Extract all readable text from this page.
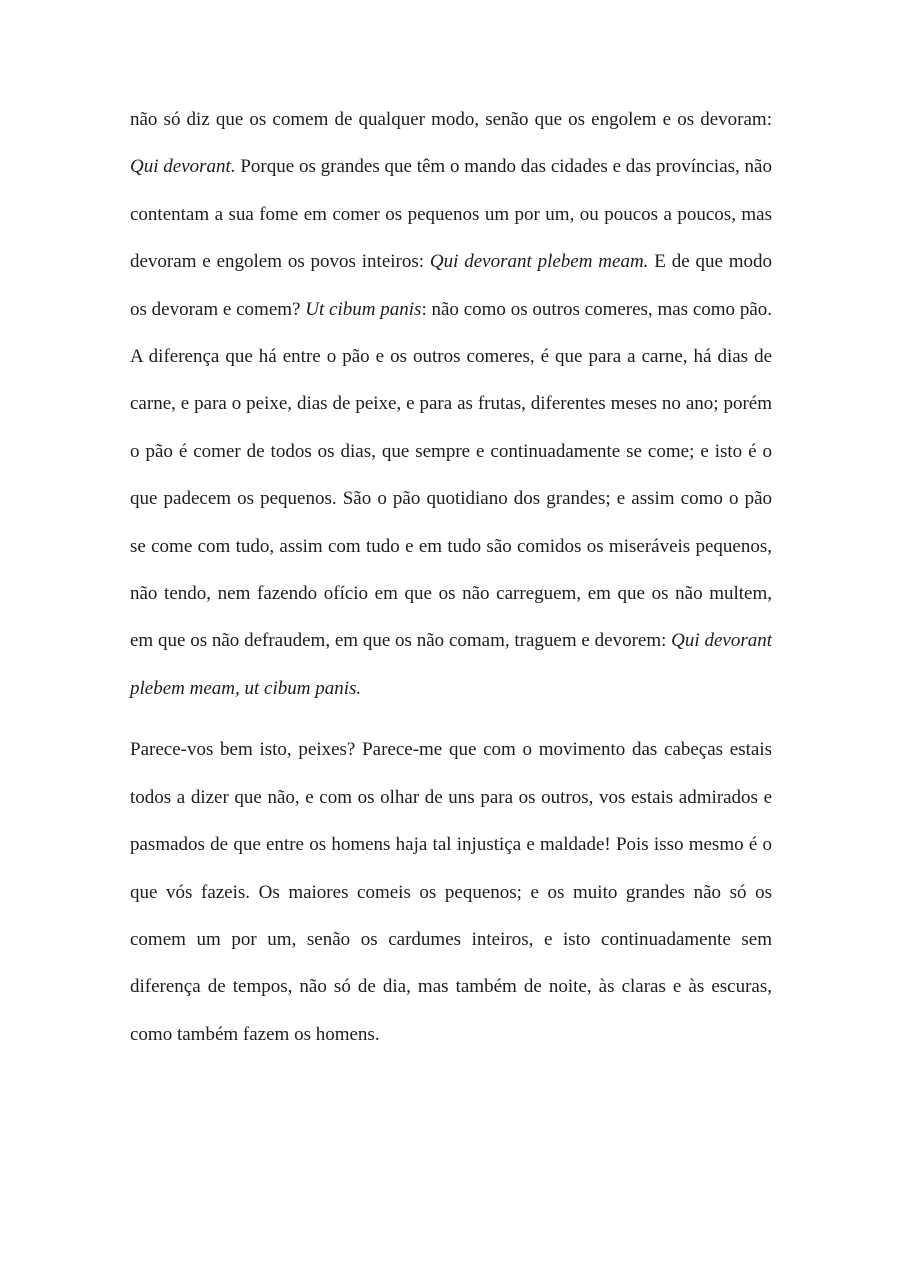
não só diz que os comem de qualquer modo, senão que os engolem e os devoram: Qui devorant. Porque os grandes que têm o mando das cidades e das províncias, não contentam a sua fome em comer os pequenos um por um, ou poucos a poucos, mas devoram e engolem os povos inteiros: Qui devorant plebem meam. E de que modo os devoram e comem? Ut cibum panis: não como os outros comeres, mas como pão. A diferença que há entre o pão e os outros comeres, é que para a carne, há dias de carne, e para o peixe, dias de peixe, e para as frutas, diferentes meses no ano; porém o pão é comer de todos os dias, que sempre e continuadamente se come; e isto é o que padecem os pequenos. São o pão quotidiano dos grandes; e assim como o pão se come com tudo, assim com tudo e em tudo são comidos os miseráveis pequenos, não tendo, nem fazendo ofício em que os não carreguem, em que os não multem, em que os não defraudem, em que os não comam, traguem e devorem: Qui devorant plebem meam, ut cibum panis.

Parece-vos bem isto, peixes? Parece-me que com o movimento das cabeças estais todos a dizer que não, e com os olhar de uns para os outros, vos estais admirados e pasmados de que entre os homens haja tal injustiça e maldade! Pois isso mesmo é o que vós fazeis. Os maiores comeis os pequenos; e os muito grandes não só os comem um por um, senão os cardumes inteiros, e isto continuadamente sem diferença de tempos, não só de dia, mas também de noite, às claras e às escuras, como também fazem os homens.
